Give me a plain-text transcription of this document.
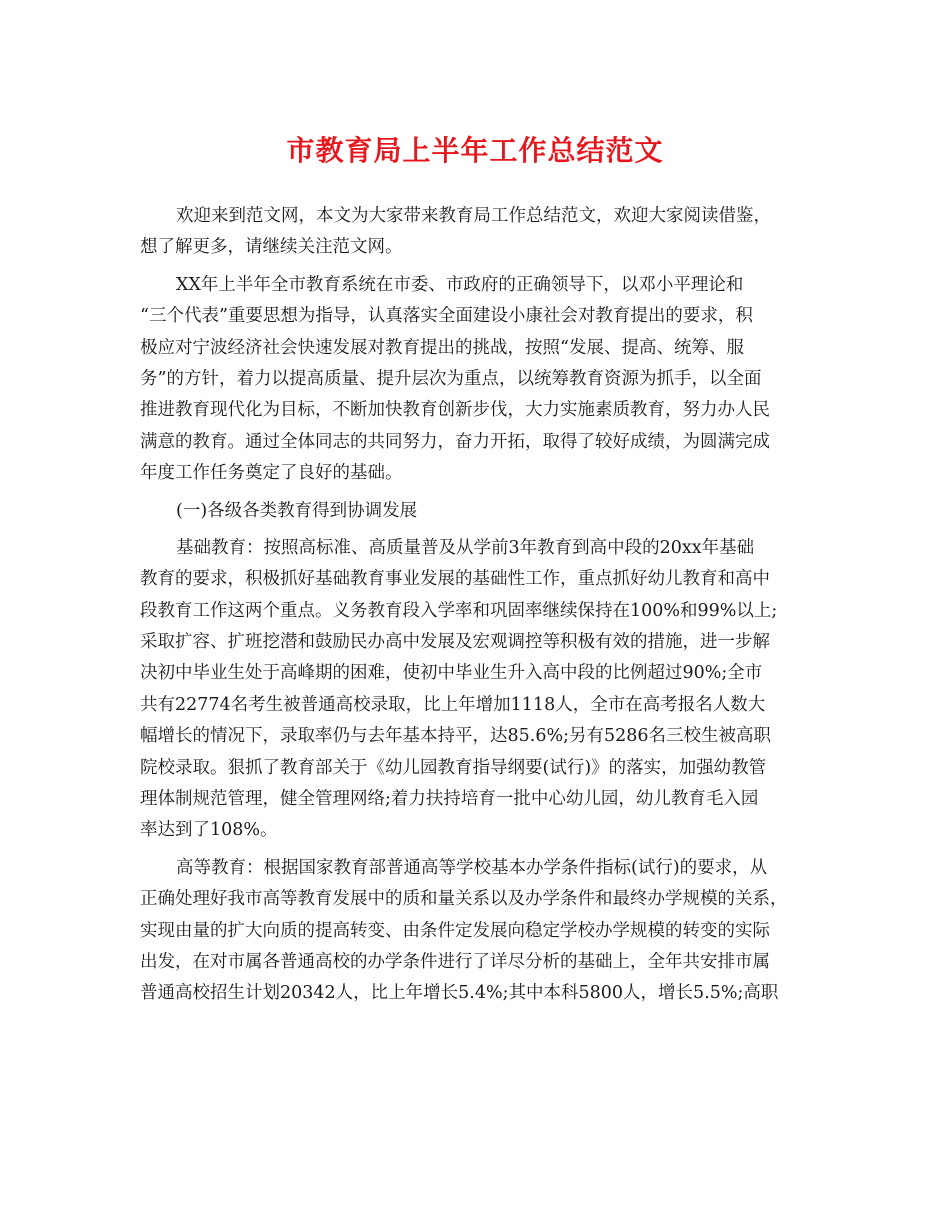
市教育局上半年工作总结范文
欢迎来到范文网，本文为大家带来教育局工作总结范文，欢迎大家阅读借鉴，
想了解更多，请继续关注范文网。
XX年上半年全市教育系统在市委、市政府的正确领导下，以邓小平理论和
“三个代表”重要思想为指导，认真落实全面建设小康社会对教育提出的要求，积
极应对宁波经济社会快速发展对教育提出的挑战，按照“发展、提高、统筹、服
务”的方针，着力以提高质量、提升层次为重点，以统筹教育资源为抓手，以全面
推进教育现代化为目标，不断加快教育创新步伐，大力实施素质教育，努力办人民
满意的教育。通过全体同志的共同努力，奋力开拓，取得了较好成绩，为圆满完成
年度工作任务奠定了良好的基础。
(一)各级各类教育得到协调发展
基础教育：按照高标准、高质量普及从学前3年教育到高中段的20xx年基础
教育的要求，积极抓好基础教育事业发展的基础性工作，重点抓好幼儿教育和高中
段教育工作这两个重点。义务教育段入学率和巩固率继续保持在100%和99%以上;
采取扩容、扩班挖潜和鼓励民办高中发展及宏观调控等积极有效的措施，进一步解
决初中毕业生处于高峰期的困难，使初中毕业生升入高中段的比例超过90%;全市
共有22774名考生被普通高校录取，比上年增加1118人，全市在高考报名人数大
幅增长的情况下，录取率仍与去年基本持平，达85.6%;另有5286名三校生被高职
院校录取。狠抓了教育部关于《幼儿园教育指导纲要(试行)》的落实，加强幼教管
理体制规范管理，健全管理网络;着力扶持培育一批中心幼儿园，幼儿教育毛入园
率达到了108%。
高等教育：根据国家教育部普通高等学校基本办学条件指标(试行)的要求，从
正确处理好我市高等教育发展中的质和量关系以及办学条件和最终办学规模的关系，
实现由量的扩大向质的提高转变、由条件定发展向稳定学校办学规模的转变的实际
出发，在对市属各普通高校的办学条件进行了详尽分析的基础上，全年共安排市属
普通高校招生计划20342人，比上年增长5.4%;其中本科5800人，增长5.5%;高职
